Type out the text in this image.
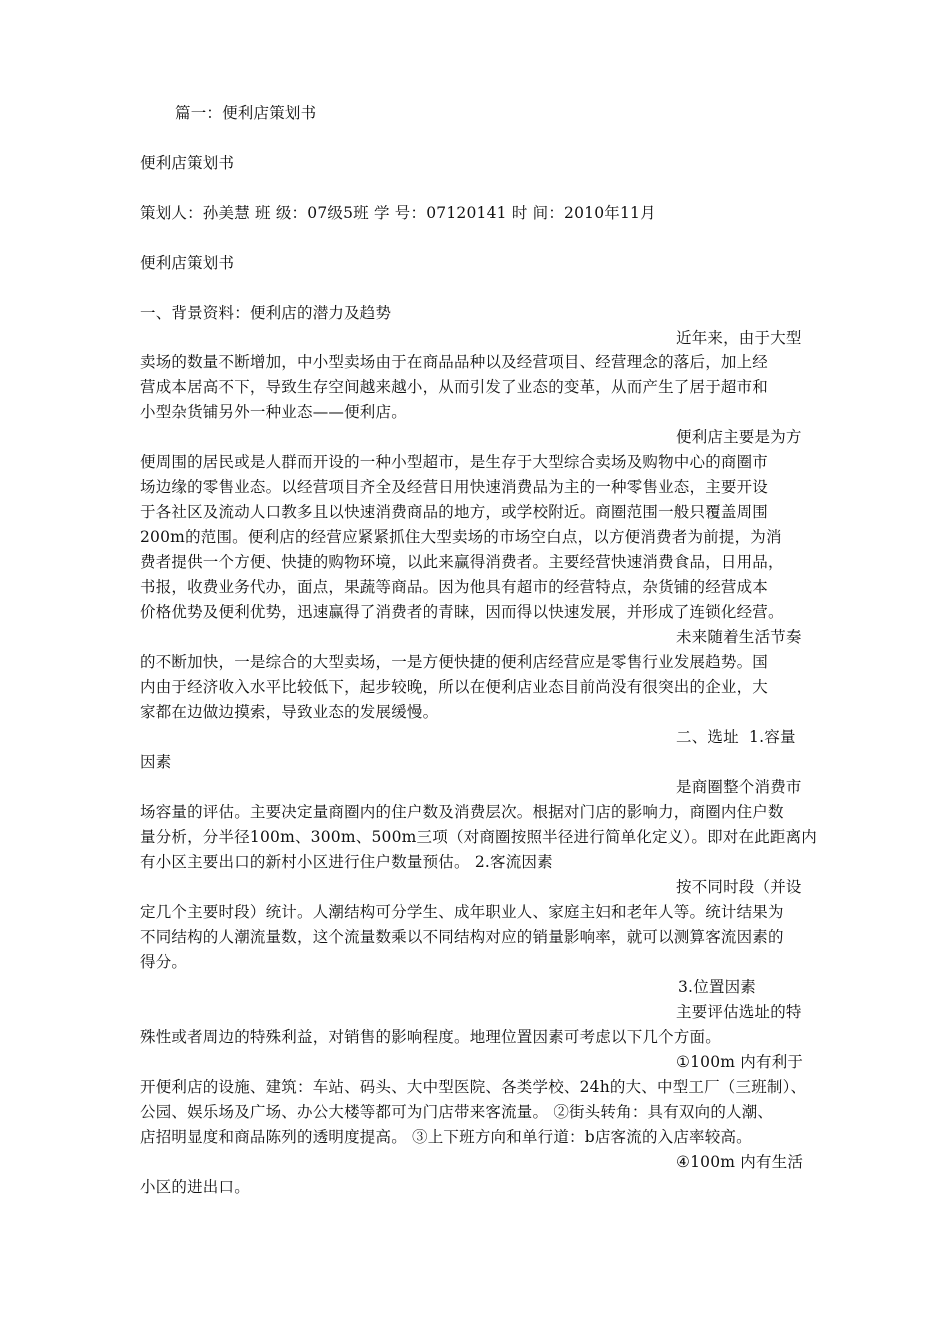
篇一：便利店策划书
便利店策划书
策划人：孙美慧 班 级：07级5班 学 号：07120141 时 间：2010年11月
便利店策划书
一、背景资料：便利店的潜力及趋势
近年来，由于大型
卖场的数量不断增加，中小型卖场由于在商品品种以及经营项目、经营理念的落后，加上经
营成本居高不下，导致生存空间越来越小，从而引发了业态的变革，从而产生了居于超市和
小型杂货铺另外一种业态——便利店。
便利店主要是为方
便周围的居民或是人群而开设的一种小型超市，是生存于大型综合卖场及购物中心的商圈市
场边缘的零售业态。以经营项目齐全及经营日用快速消费品为主的一种零售业态，主要开设
于各社区及流动人口教多且以快速消费商品的地方，或学校附近。商圈范围一般只覆盖周围
200m的范围。便利店的经营应紧紧抓住大型卖场的市场空白点，以方便消费者为前提，为消
费者提供一个方便、快捷的购物环境，以此来赢得消费者。主要经营快速消费食品，日用品，
书报，收费业务代办，面点，果蔬等商品。因为他具有超市的经营特点，杂货铺的经营成本
价格优势及便利优势，迅速赢得了消费者的青睐，因而得以快速发展，并形成了连锁化经营。
未来随着生活节奏
的不断加快，一是综合的大型卖场，一是方便快捷的便利店经营应是零售行业发展趋势。国
内由于经济收入水平比较低下，起步较晚，所以在便利店业态目前尚没有很突出的企业，大
家都在边做边摸索，导致业态的发展缓慢。
二、选址  1.容量
因素
是商圈整个消费市
场容量的评估。主要决定量商圈内的住户数及消费层次。根据对门店的影响力，商圈内住户数
量分析，分半径100m、300m、500m三项（对商圈按照半径进行简单化定义）。即对在此距离内
有小区主要出口的新村小区进行住户数量预估。 2.客流因素
按不同时段（并设
定几个主要时段）统计。人潮结构可分学生、成年职业人、家庭主妇和老年人等。统计结果为
不同结构的人潮流量数，这个流量数乘以不同结构对应的销量影响率，就可以测算客流因素的
得分。
3.位置因素
主要评估选址的特
殊性或者周边的特殊利益，对销售的影响程度。地理位置因素可考虑以下几个方面。
①100m 内有利于
开便利店的设施、建筑：车站、码头、大中型医院、各类学校、24h的大、中型工厂（三班制）、
公园、娱乐场及广场、办公大楼等都可为门店带来客流量。 ②街头转角：具有双向的人潮、
店招明显度和商品陈列的透明度提高。 ③上下班方向和单行道：b店客流的入店率较高。
④100m 内有生活
小区的进出口。
